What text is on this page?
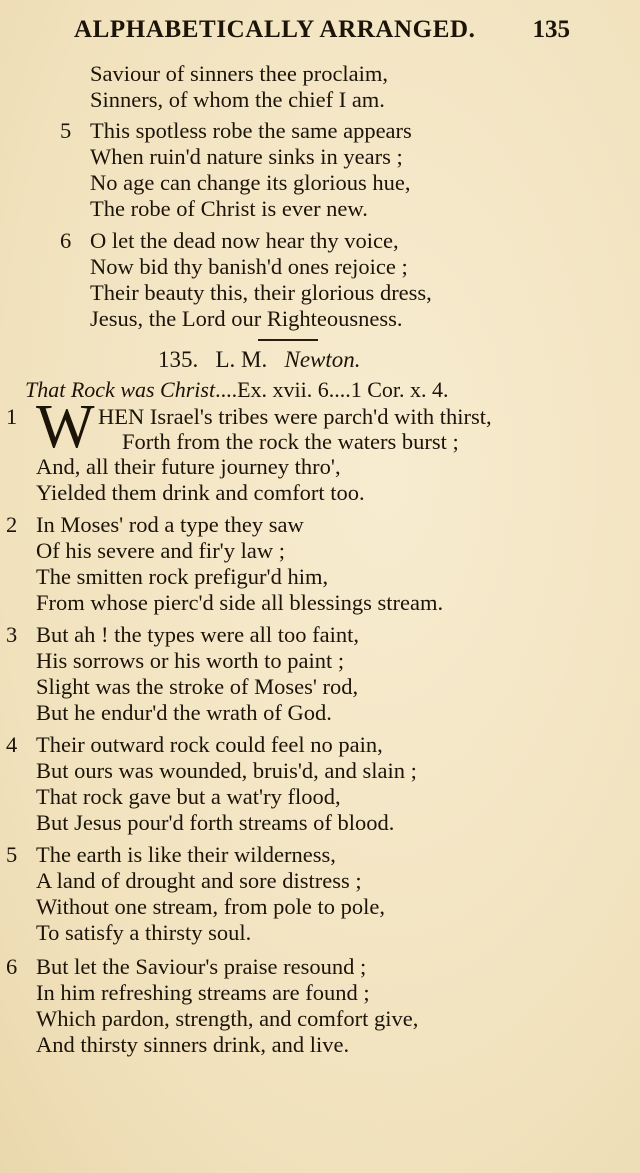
ALPHABETICALLY ARRANGED. 135
Saviour of sinners thee proclaim,
Sinners, of whom the chief I am.
5 This spotless robe the same appears
When ruin'd nature sinks in years ;
No age can change its glorious hue,
The robe of Christ is ever new.
6 O let the dead now hear thy voice,
Now bid thy banish'd ones rejoice ;
Their beauty this, their glorious dress,
Jesus, the Lord our Righteousness.
135. L. M. Newton.
That Rock was Christ....Ex. xvii. 6....1 Cor. x. 4.
1 W HEN Israel's tribes were parch'd with thirst,
Forth from the rock the waters burst ;
And, all their future journey thro',
Yielded them drink and comfort too.
2 In Moses' rod a type they saw
Of his severe and fir'y law ;
The smitten rock prefigur'd him,
From whose pierc'd side all blessings stream.
3 But ah ! the types were all too faint,
His sorrows or his worth to paint ;
Slight was the stroke of Moses' rod,
But he endur'd the wrath of God.
4 Their outward rock could feel no pain,
But ours was wounded, bruis'd, and slain ;
That rock gave but a wat'ry flood,
But Jesus pour'd forth streams of blood.
5 The earth is like their wilderness,
A land of drought and sore distress ;
Without one stream, from pole to pole,
To satisfy a thirsty soul.
6 But let the Saviour's praise resound ;
In him refreshing streams are found ;
Which pardon, strength, and comfort give,
And thirsty sinners drink, and live.
